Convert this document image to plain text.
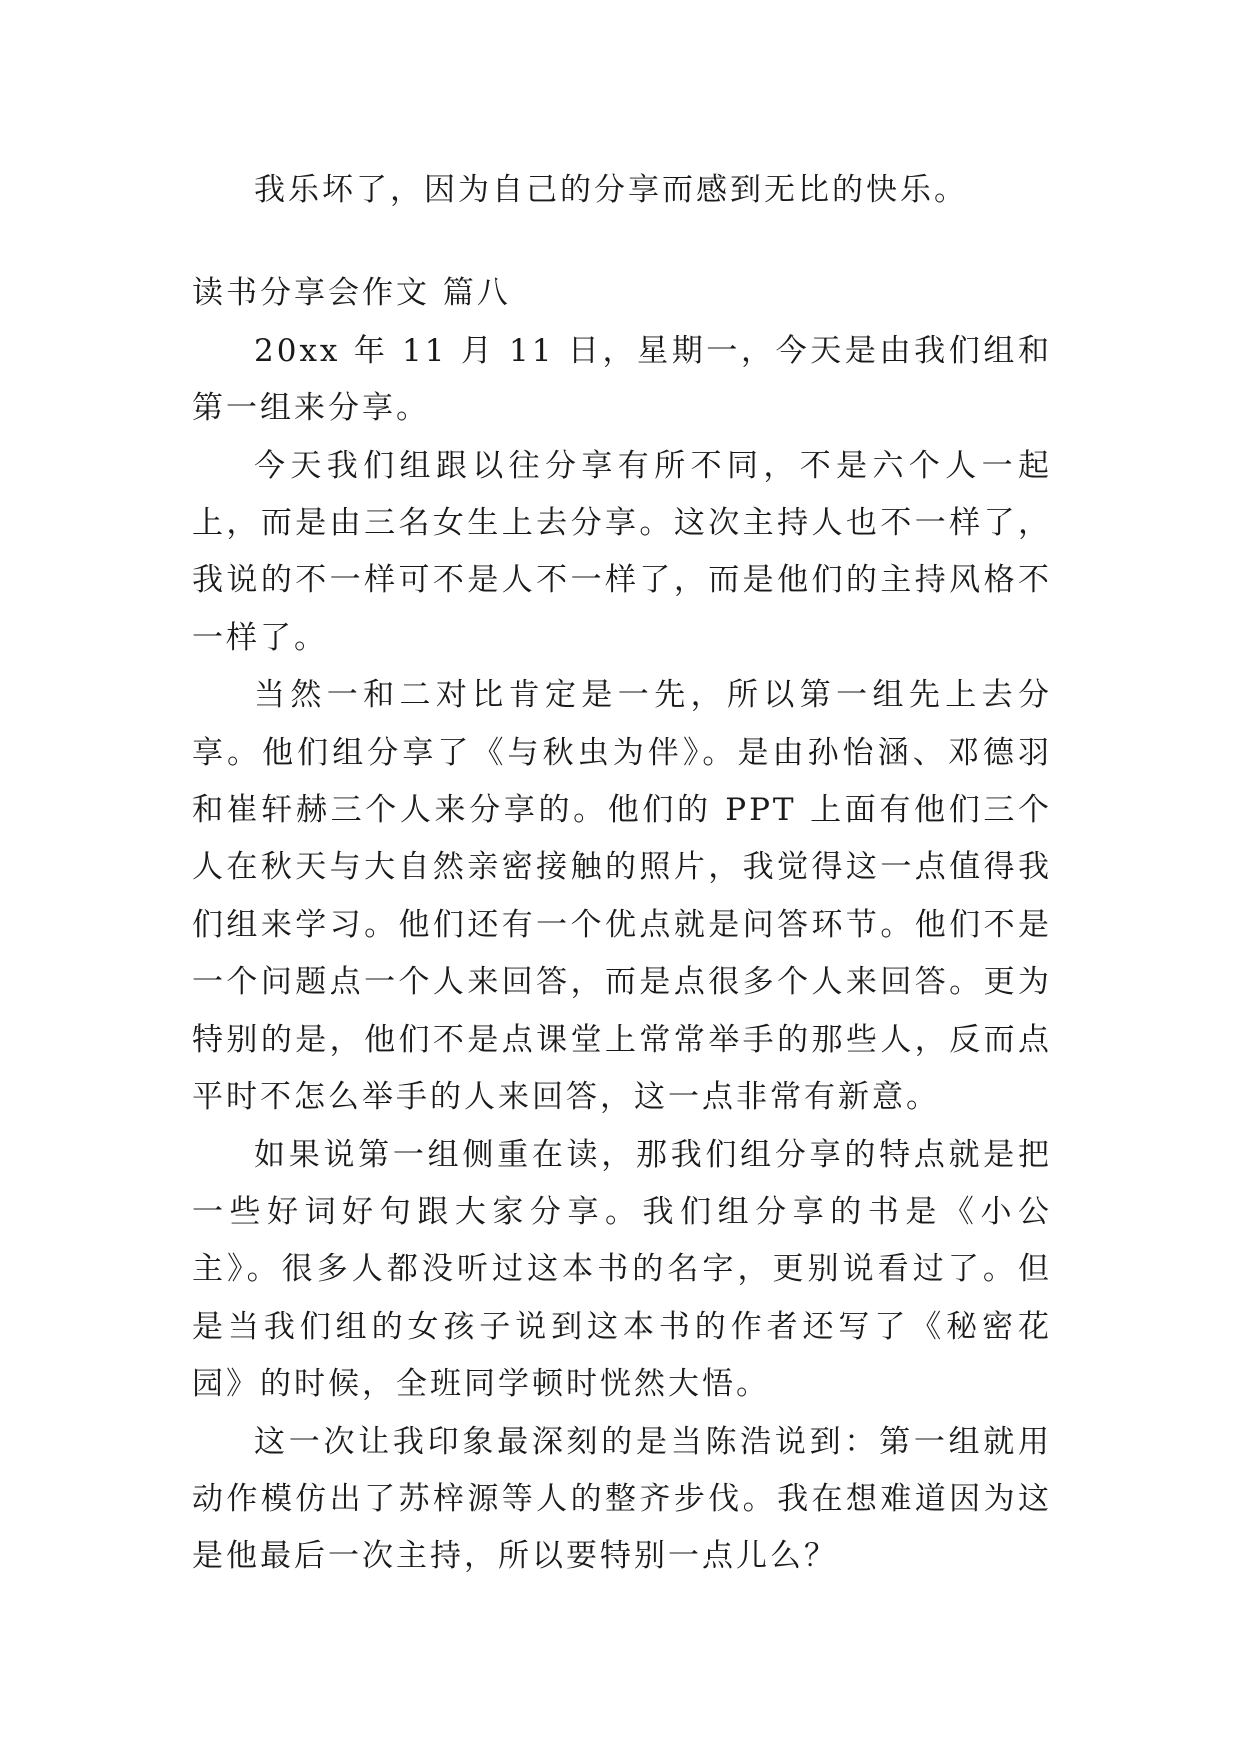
我乐坏了，因为自己的分享而感到无比的快乐。

读书分享会作文 篇八

20xx 年 11 月 11 日，星期一，今天是由我们组和第一组来分享。

今天我们组跟以往分享有所不同，不是六个人一起上，而是由三名女生上去分享。这次主持人也不一样了，我说的不一样可不是人不一样了，而是他们的主持风格不一样了。

当然一和二对比肯定是一先，所以第一组先上去分享。他们组分享了《与秋虫为伴》。是由孙怡涵、邓德羽和崔轩赫三个人来分享的。他们的 PPT 上面有他们三个人在秋天与大自然亲密接触的照片，我觉得这一点值得我们组来学习。他们还有一个优点就是问答环节。他们不是一个问题点一个人来回答，而是点很多个人来回答。更为特别的是，他们不是点课堂上常常举手的那些人，反而点平时不怎么举手的人来回答，这一点非常有新意。

如果说第一组侧重在读，那我们组分享的特点就是把一些好词好句跟大家分享。我们组分享的书是《小公主》。很多人都没听过这本书的名字，更别说看过了。但是当我们组的女孩子说到这本书的作者还写了《秘密花园》的时候，全班同学顿时恍然大悟。

这一次让我印象最深刻的是当陈浩说到：第一组就用动作模仿出了苏梓源等人的整齐步伐。我在想难道因为这是他最后一次主持，所以要特别一点儿么？
